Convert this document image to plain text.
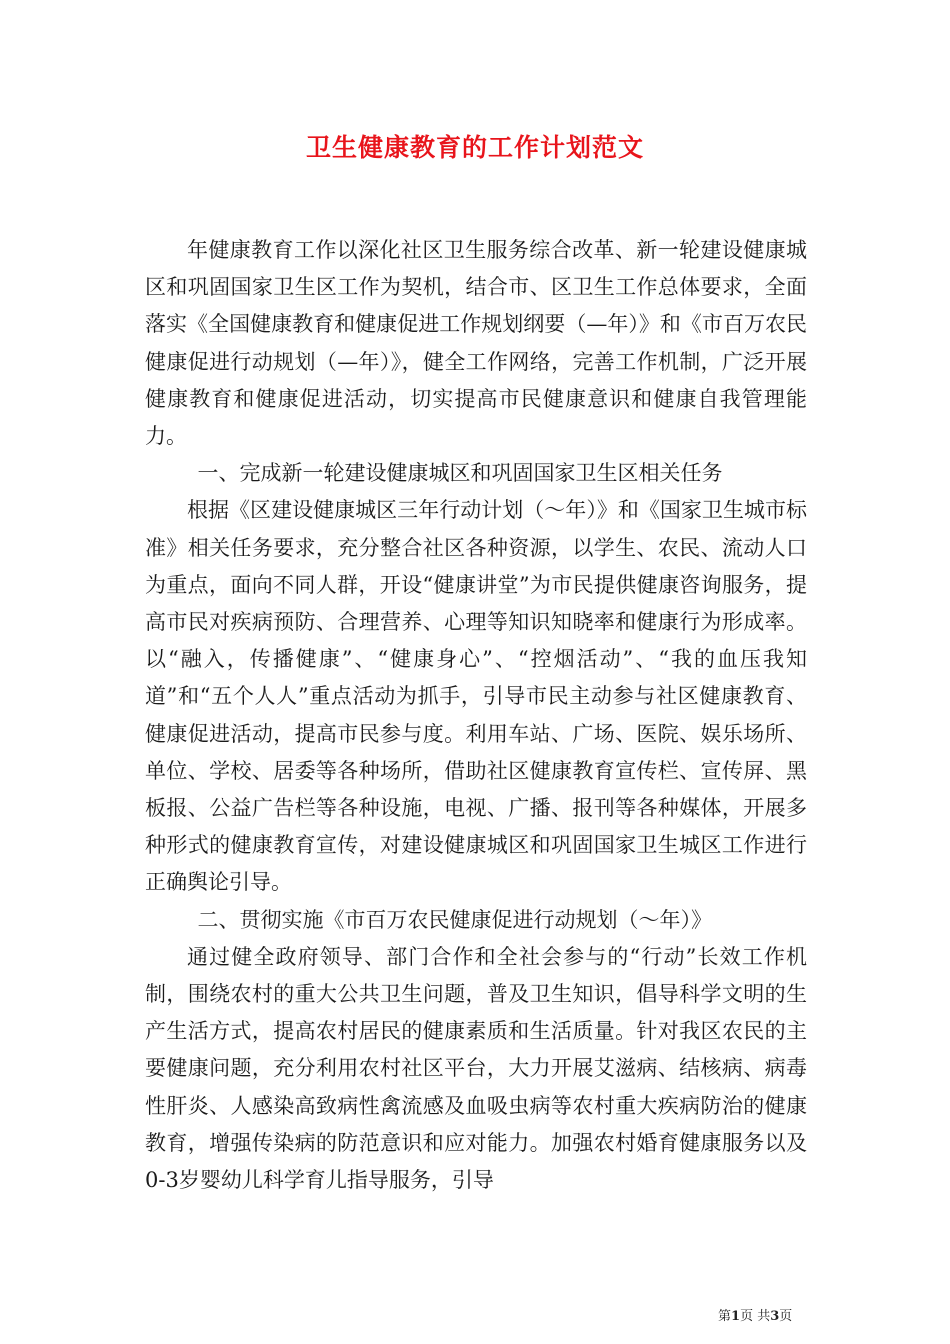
卫生健康教育的工作计划范文

年健康教育工作以深化社区卫生服务综合改革、新一轮建设健康城区和巩固国家卫生区工作为契机，结合市、区卫生工作总体要求，全面落实《全国健康教育和健康促进工作规划纲要（—年）》和《市百万农民健康促进行动规划（—年）》，健全工作网络，完善工作机制，广泛开展健康教育和健康促进活动，切实提高市民健康意识和健康自我管理能力。

一、完成新一轮建设健康城区和巩固国家卫生区相关任务

根据《区建设健康城区三年行动计划（～年）》和《国家卫生城市标准》相关任务要求，充分整合社区各种资源，以学生、农民、流动人口为重点，面向不同人群，开设“健康讲堂”为市民提供健康咨询服务，提高市民对疾病预防、合理营养、心理等知识知晓率和健康行为形成率。以“融入，传播健康”、“健康身心”、“控烟活动”、“我的血压我知道”和“五个人人”重点活动为抓手，引导市民主动参与社区健康教育、健康促进活动，提高市民参与度。利用车站、广场、医院、娱乐场所、单位、学校、居委等各种场所，借助社区健康教育宣传栏、宣传屏、黑板报、公益广告栏等各种设施，电视、广播、报刊等各种媒体，开展多种形式的健康教育宣传，对建设健康城区和巩固国家卫生城区工作进行正确舆论引导。

二、贯彻实施《市百万农民健康促进行动规划（～年）》

通过健全政府领导、部门合作和全社会参与的“行动”长效工作机制，围绕农村的重大公共卫生问题，普及卫生知识，倡导科学文明的生产生活方式，提高农村居民的健康素质和生活质量。针对我区农民的主要健康问题，充分利用农村社区平台，大力开展艾滋病、结核病、病毒性肝炎、人感染高致病性禽流感及血吸虫病等农村重大疾病防治的健康教育，增强传染病的防范意识和应对能力。加强农村婚育健康服务以及0-3岁婴幼儿科学育儿指导服务，引导

第1页 共3页
